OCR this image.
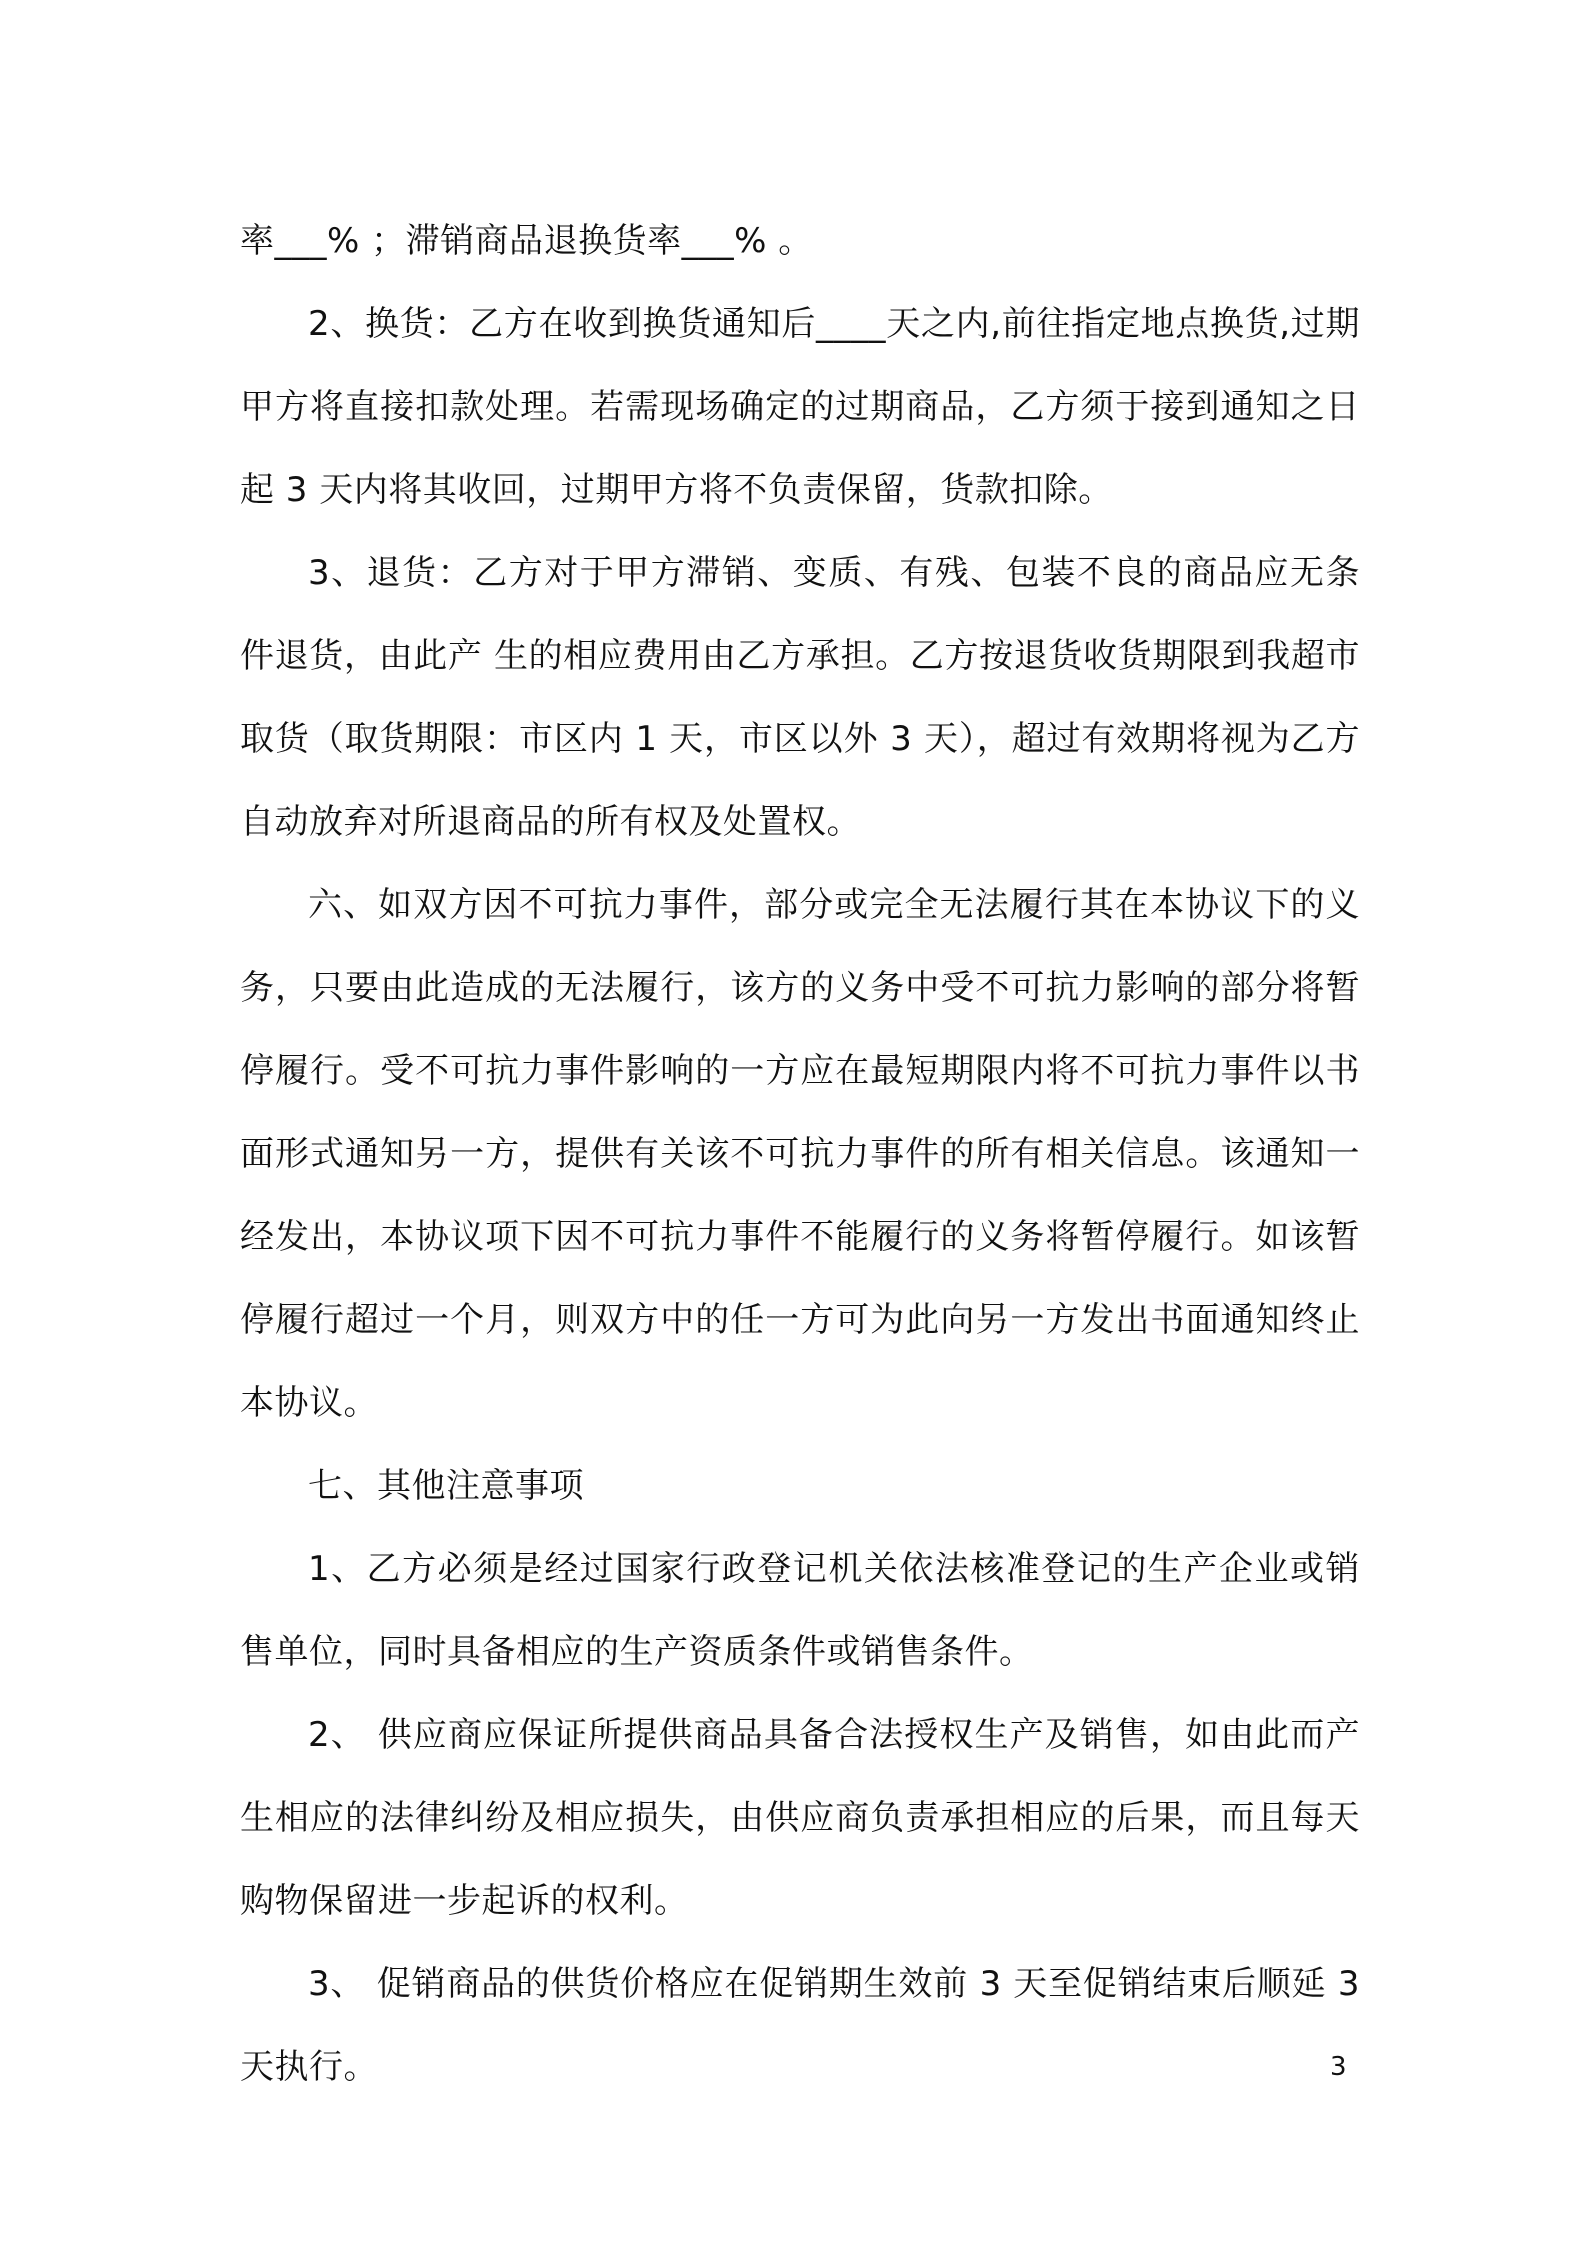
率___% ；滞销商品退换货率___% 。

2、换货：乙方在收到换货通知后____天之内,前往指定地点换货,过期甲方将直接扣款处理。若需现场确定的过期商品，乙方须于接到通知之日起 3 天内将其收回，过期甲方将不负责保留，货款扣除。

3、退货：乙方对于甲方滞销、变质、有残、包装不良的商品应无条件退货，由此产 生的相应费用由乙方承担。乙方按退货收货期限到我超市取货（取货期限：市区内 1 天，市区以外 3 天），超过有效期将视为乙方自动放弃对所退商品的所有权及处置权。

六、如双方因不可抗力事件，部分或完全无法履行其在本协议下的义务，只要由此造成的无法履行，该方的义务中受不可抗力影响的部分将暂停履行。受不可抗力事件影响的一方应在最短期限内将不可抗力事件以书面形式通知另一方，提供有关该不可抗力事件的所有相关信息。该通知一经发出，本协议项下因不可抗力事件不能履行的义务将暂停履行。如该暂停履行超过一个月，则双方中的任一方可为此向另一方发出书面通知终止本协议。

七、其他注意事项

1、乙方必须是经过国家行政登记机关依法核准登记的生产企业或销售单位，同时具备相应的生产资质条件或销售条件。

2、 供应商应保证所提供商品具备合法授权生产及销售，如由此而产生相应的法律纠纷及相应损失，由供应商负责承担相应的后果，而且每天购物保留进一步起诉的权利。

3、 促销商品的供货价格应在促销期生效前 3 天至促销结束后顺延 3 天执行。	3
